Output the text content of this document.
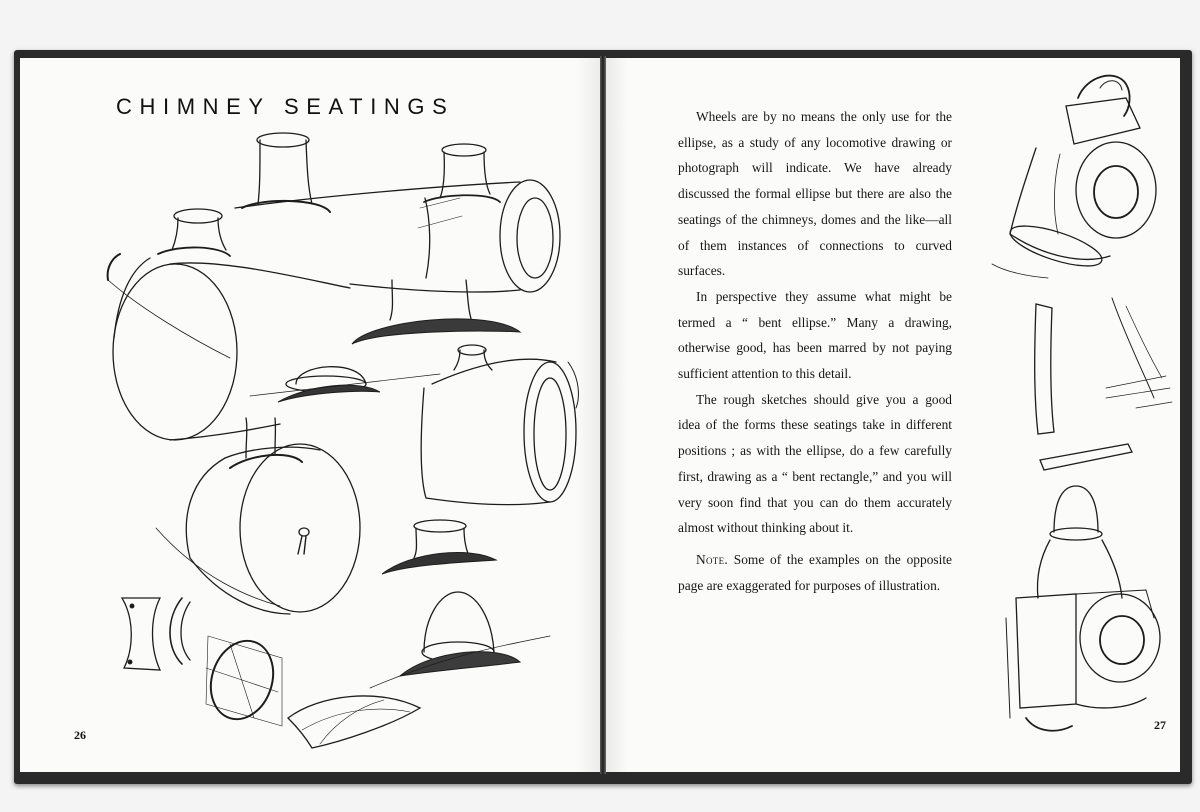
CHIMNEY SEATINGS
26

Wheels are by no means the only use for the ellipse, as a study of any locomotive drawing or photograph will indicate. We have already discussed the formal ellipse but there are also the seatings of the chimneys, domes and the like—all of them instances of connections to curved surfaces.

In perspective they assume what might be termed a “ bent ellipse.” Many a drawing, otherwise good, has been marred by not paying sufficient attention to this detail.

The rough sketches should give you a good idea of the forms these seatings take in different positions ; as with the ellipse, do a few carefully first, drawing as a “ bent rectangle,” and you will very soon find that you can do them accurately almost without thinking about it.

Note. Some of the examples on the opposite page are exaggerated for purposes of illustration.

27
